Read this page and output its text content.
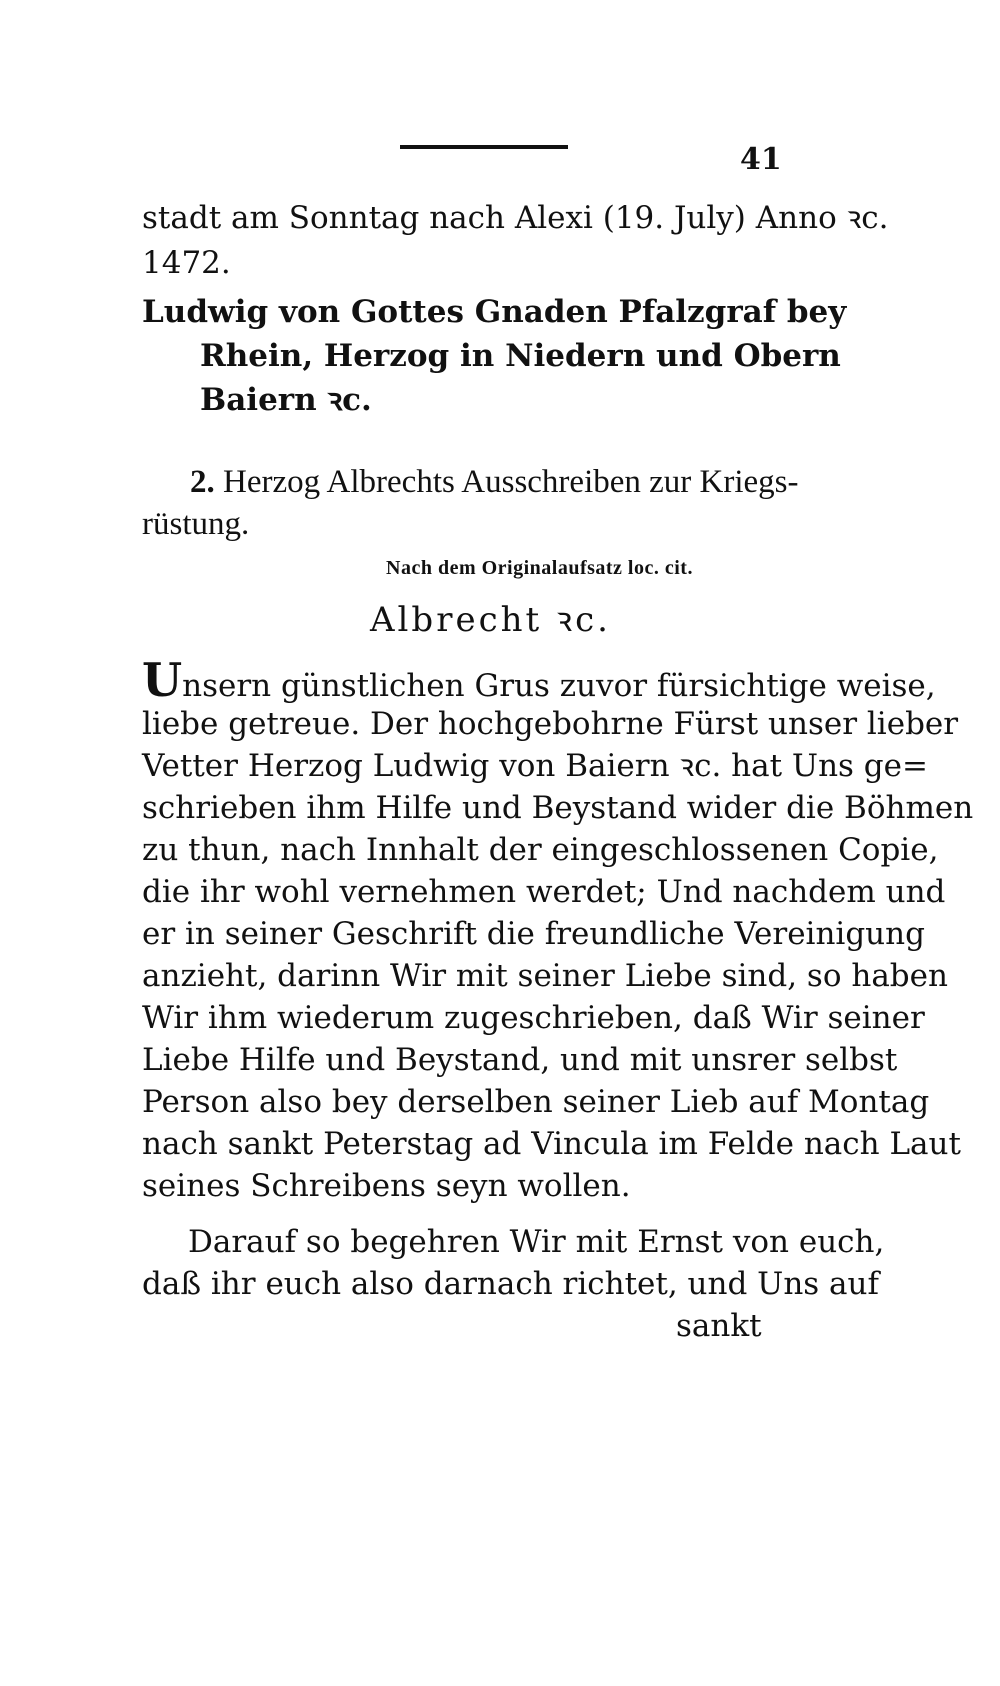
41
stadt am Sonntag nach Alexi (19. July) Anno ꝛc.
1472.
Ludwig von Gottes Gnaden Pfalzgraf bey
Rhein, Herzog in Niedern und Obern
Baiern ꝛc.
2. Herzog Albrechts Ausschreiben zur Kriegs-
rüstung.
Nach dem Originalaufsatz loc. cit.
Albrecht ꝛc.
Unsern günstlichen Grus zuvor fürsichtige weise,
liebe getreue. Der hochgebohrne Fürst unser lieber
Vetter Herzog Ludwig von Baiern ꝛc. hat Uns ge=
schrieben ihm Hilfe und Beystand wider die Böhmen
zu thun, nach Innhalt der eingeschlossenen Copie,
die ihr wohl vernehmen werdet; Und nachdem und
er in seiner Geschrift die freundliche Vereinigung
anzieht, darinn Wir mit seiner Liebe sind, so haben
Wir ihm wiederum zugeschrieben, daß Wir seiner
Liebe Hilfe und Beystand, und mit unsrer selbst
Person also bey derselben seiner Lieb auf Montag
nach sankt Peterstag ad Vincula im Felde nach Laut
seines Schreibens seyn wollen.
Darauf so begehren Wir mit Ernst von euch,
daß ihr euch also darnach richtet, und Uns auf
sankt
